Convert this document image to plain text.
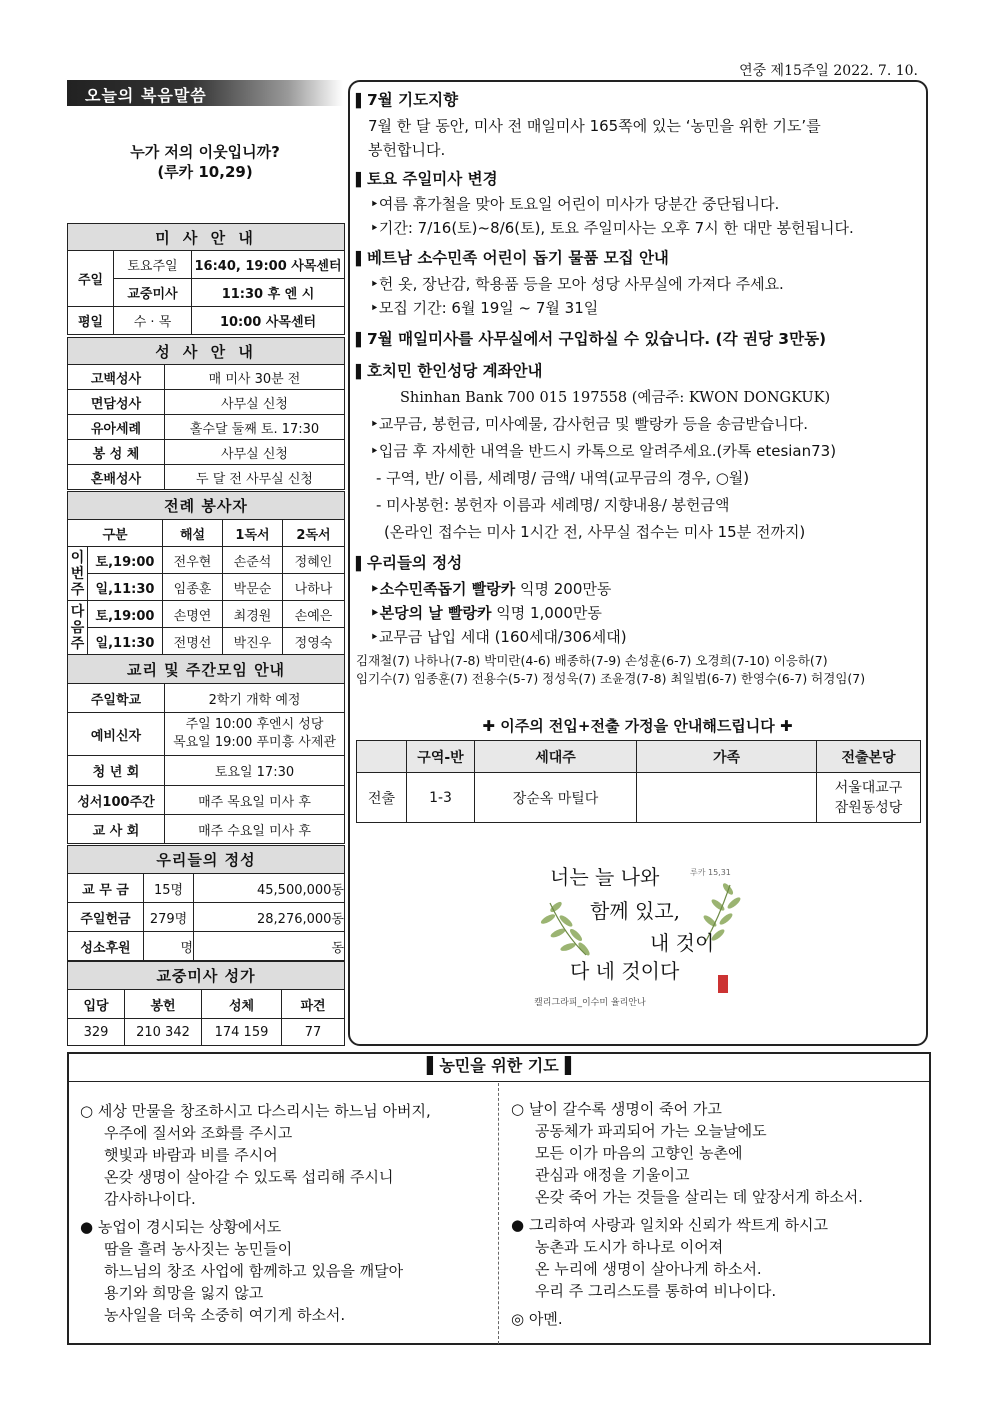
연중 제15주일 2022. 7. 10.
오늘의 복음말씀
누가 저의 이웃입니까?
(루카 10,29)
미 사 안 내		
주일	토요주일	16:40, 19:00 사목센터
	교중미사	11:30 후 엔 시
평일	수 · 목	10:00 사목센터
성 사 안 내	
고백성사	매 미사 30분 전
면담성사	사무실 신청
유아세례	홀수달 둘째 토. 17:30
봉 성 체	사무실 신청
혼배성사	두 달 전 사무실 신청
전례 봉사자				
구분		해설	1독서	2독서
이번주	토,19:00	전우현	손준석	정혜인
	일,11:30	임종훈	박문순	나하나
다음주	토,19:00	손명연	최경원	손예은
	일,11:30	전명선	박진우	정영숙
교리 및 주간모임 안내	
주일학교	2학기 개학 예정
예비신자	주일 10:00 후엔시 성당
목요일 19:00 푸미흥 사제관

청 년 회	토요일 17:30
성서100주간	매주 목요일 미사 후
교 사 회	매주 수요일 미사 후
우리들의 정성		
교 무 금	15명	45,500,000동
주일헌금	279명	28,276,000동
성소후원	명	동
교중미사 성가			
입당	봉헌	성체	파견
329	210 342	174 159	77
▌ 7월 기도지향
7월 한 달 동안, 미사 전 매일미사 165쪽에 있는 ‘농민을 위한 기도’를
봉헌합니다.
▌ 토요 주일미사 변경
‣여름 휴가철을 맞아 토요일 어린이 미사가 당분간 중단됩니다.
‣기간: 7/16(토)~8/6(토), 토요 주일미사는 오후 7시 한 대만 봉헌됩니다.
▌ 베트남 소수민족 어린이 돕기 물품 모집 안내
‣헌 옷, 장난감, 학용품 등을 모아 성당 사무실에 가져다 주세요.
‣모집 기간: 6월 19일 ~ 7월 31일
▌ 7월 매일미사를 사무실에서 구입하실 수 있습니다. (각 권당 3만동)
▌ 호치민 한인성당 계좌안내
Shinhan Bank 700 015 197558 (예금주: KWON DONGKUK)
‣교무금, 봉헌금, 미사예물, 감사헌금 및 빨랑카 등을 송금받습니다.
‣입금 후 자세한 내역을 반드시 카톡으로 알려주세요.(카톡 etesian73)
- 구역, 반/ 이름, 세례명/ 금액/ 내역(교무금의 경우, ○월)
- 미사봉헌: 봉헌자 이름과 세례명/ 지향내용/ 봉헌금액
(온라인 접수는 미사 1시간 전, 사무실 접수는 미사 15분 전까지)
▌ 우리들의 정성
‣소수민족돕기 빨랑카 익명 200만동
‣본당의 날 빨랑카 익명 1,000만동
‣교무금 납입 세대 (160세대/306세대)
김재철(7) 나하나(7-8) 박미란(4-6) 배종하(7-9) 손성훈(6-7) 오경희(7-10) 이응하(7)
임기수(7) 임종훈(7) 전용수(5-7) 정성욱(7) 조윤경(7-8) 최일범(6-7) 한영수(6-7) 허경임(7)
✚ 이주의 전입+전출 가정을 안내해드립니다 ✚
	구역-반	세대주	가족	전출본당
전출	1-3	장순옥 마틸다		서울대교구
잠원동성당
너는 늘 나와	루카 15,31
함께 있고,
내 것이
다 네 것이다
캘리그라피_이수미 율리안나
▌농민을 위한 기도▐
○ 세상 만물을 창조하시고 다스리시는 하느님 아버지,
우주에 질서와 조화를 주시고
햇빛과 바람과 비를 주시어
온갖 생명이 살아갈 수 있도록 섭리해 주시니
감사하나이다.
● 농업이 경시되는 상황에서도
땀을 흘려 농사짓는 농민들이
하느님의 창조 사업에 함께하고 있음을 깨달아
용기와 희망을 잃지 않고
농사일을 더욱 소중히 여기게 하소서.
○ 날이 갈수록 생명이 죽어 가고
공동체가 파괴되어 가는 오늘날에도
모든 이가 마음의 고향인 농촌에
관심과 애정을 기울이고
온갖 죽어 가는 것들을 살리는 데 앞장서게 하소서.
● 그리하여 사랑과 일치와 신뢰가 싹트게 하시고
농촌과 도시가 하나로 이어져
온 누리에 생명이 살아나게 하소서.
우리 주 그리스도를 통하여 비나이다.
◎ 아멘.
